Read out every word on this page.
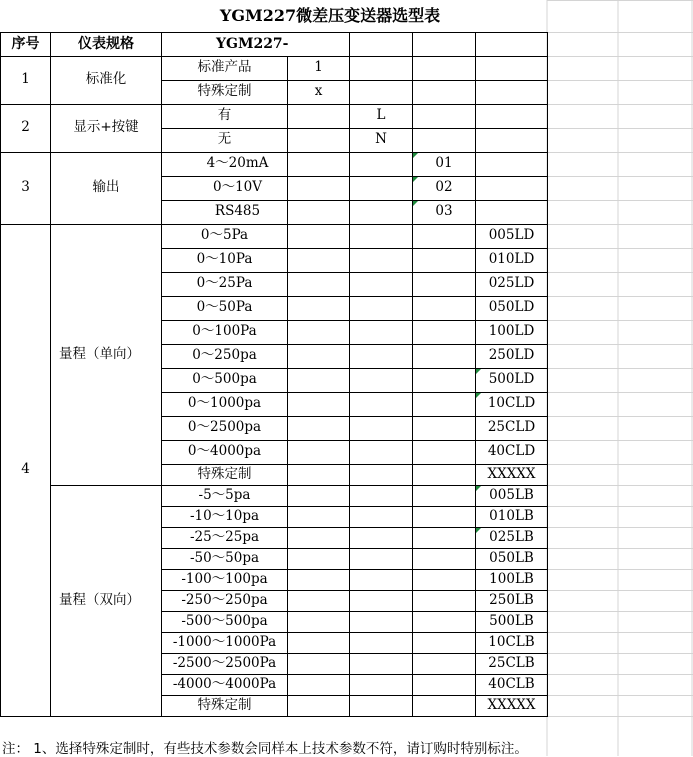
YGM227微差压变送器选型表						
序号	仪表规格	YGM227-				
1	标准化	标准产品	1			
		特殊定制	x			
2	显示+按键	有		L		
		无		N		
3	输出	4～20mA			01	
		0～10V			02	
		RS485			03	
4	量程（单向）	0～5Pa				005LD
		0～10Pa				010LD
		0～25Pa				025LD
		0～50Pa				050LD
		0～100Pa				100LD
		0～250pa				250LD
		0～500pa				500LD
		0～1000pa				10CLD
		0～2500pa				25CLD
		0～4000pa				40CLD
		特殊定制				XXXXX
	量程（双向）	-5～5pa				005LB
		-10～10pa				010LB
		-25～25pa				025LB
		-50～50pa				050LB
		-100～100pa				100LB
		-250～250pa				250LB
		-500～500pa				500LB
		-1000～1000Pa				10CLB
		-2500～2500Pa				25CLB
		-4000～4000Pa				40CLB
		特殊定制				XXXXX
注： 1、选择特殊定制时，有些技术参数会同样本上技术参数不符，请订购时特别标注。
